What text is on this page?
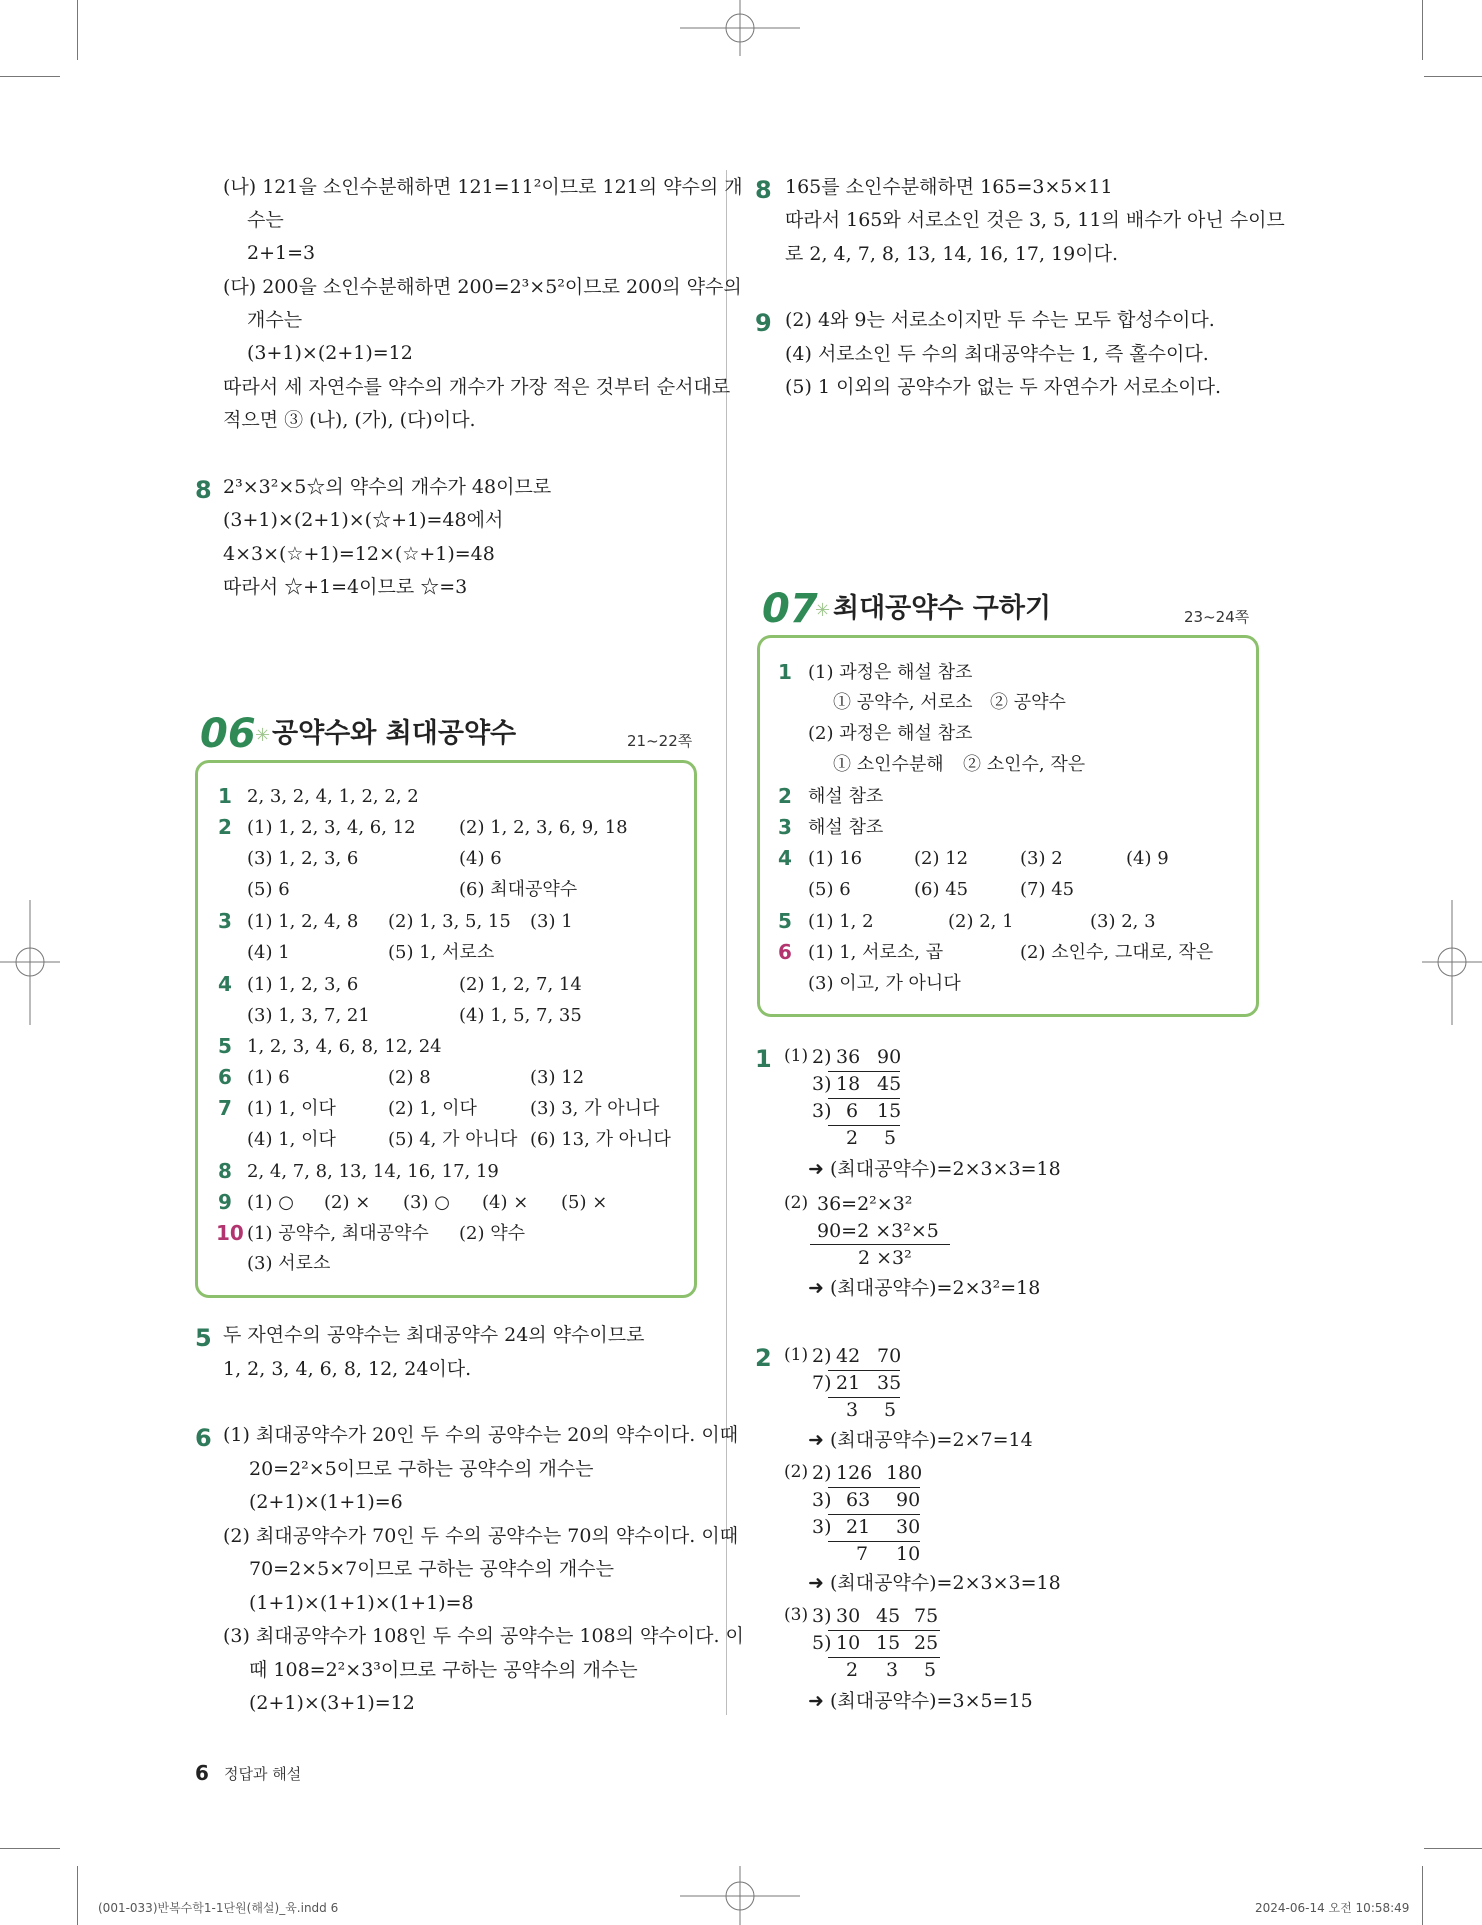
(나) 121을 소인수분해하면 121=11²이므로 121의 약수의 개
수는
2+1=3
(다) 200을 소인수분해하면 200=2³×5²이므로 200의 약수의
개수는
(3+1)×(2+1)=12
따라서 세 자연수를 약수의 개수가 가장 적은 것부터 순서대로
적으면 ③ (나), (가), (다)이다.
8 2³×3²×5☆의 약수의 개수가 48이므로
(3+1)×(2+1)×(☆+1)=48에서
4×3×(☆+1)=12×(☆+1)=48
따라서 ☆+1=4이므로 ☆=3
06 ✳ 공약수와 최대공약수	21~22쪽
1 2, 3, 2, 4, 1, 2, 2, 2
2 (1) 1, 2, 3, 4, 6, 12 (2) 1, 2, 3, 6, 9, 18
(3) 1, 2, 3, 6	(4) 6
(5) 6	(6) 최대공약수
3 (1) 1, 2, 4, 8 (2) 1, 3, 5, 15 (3) 1
(4) 1	(5) 1, 서로소
4 (1) 1, 2, 3, 6	(2) 1, 2, 7, 14
(3) 1, 3, 7, 21	(4) 1, 5, 7, 35
5 1, 2, 3, 4, 6, 8, 12, 24
6 (1) 6	(2) 8	(3) 12
7 (1) 1, 이다	(2) 1, 이다	(3) 3, 가 아니다
(4) 1, 이다	(5) 4, 가 아니다 (6) 13, 가 아니다
8 2, 4, 7, 8, 13, 14, 16, 17, 19
9 (1) ○ (2) × (3) ○ (4) × (5) ×
10 (1) 공약수, 최대공약수 (2) 약수
(3) 서로소
5 두 자연수의 공약수는 최대공약수 24의 약수이므로
1, 2, 3, 4, 6, 8, 12, 24이다.
6 (1) 최대공약수가 20인 두 수의 공약수는 20의 약수이다. 이때
20=2²×5이므로 구하는 공약수의 개수는
(2+1)×(1+1)=6
(2) 최대공약수가 70인 두 수의 공약수는 70의 약수이다. 이때
70=2×5×7이므로 구하는 공약수의 개수는
(1+1)×(1+1)×(1+1)=8
(3) 최대공약수가 108인 두 수의 공약수는 108의 약수이다. 이
때 108=2²×3³이므로 구하는 공약수의 개수는
(2+1)×(3+1)=12
8 165를 소인수분해하면 165=3×5×11
따라서 165와 서로소인 것은 3, 5, 11의 배수가 아닌 수이므
로 2, 4, 7, 8, 13, 14, 16, 17, 19이다.
9 (2) 4와 9는 서로소이지만 두 수는 모두 합성수이다.
(4) 서로소인 두 수의 최대공약수는 1, 즉 홀수이다.
(5) 1 이외의 공약수가 없는 두 자연수가 서로소이다.
07
✳ 최대공약수 구하기	23~24쪽
1 (1) 과정은 해설 참조
① 공약수, 서로소 ② 공약수
(2) 과정은 해설 참조
① 소인수분해 ② 소인수, 작은
2 해설 참조
3 해설 참조
4 (1) 16	(2) 12	(3) 2	(4) 9
(5) 6	(6) 45	(7) 45
5 (1) 1, 2	(2) 2, 1	(3) 2, 3
6 (1) 1, 서로소, 곱	(2) 소인수, 그대로, 작은
(3) 이고, 가 아니다
1 (1) 2) 36 90
3) 18 45
3) 6 15
2 5
➜ (최대공약수)=2×3×3=18
(2) 36=2²×3²
90=2 ×3²×5
2 ×3²
➜ (최대공약수)=2×3²=18
2 (1) 2) 42 70
7) 21 35
3 5
➜ (최대공약수)=2×7=14
(2) 2) 126 180
3) 63 90
3) 21 30
7 10
➜ (최대공약수)=2×3×3=18
(3) 3) 30 45 75
5) 10 15 25
2 3 5
➜ (최대공약수)=3×5=15
6 정답과 해설
(001-033)반복수학1-1단원(해설)_육.indd 6	2024-06-14 오전 10:58:49
